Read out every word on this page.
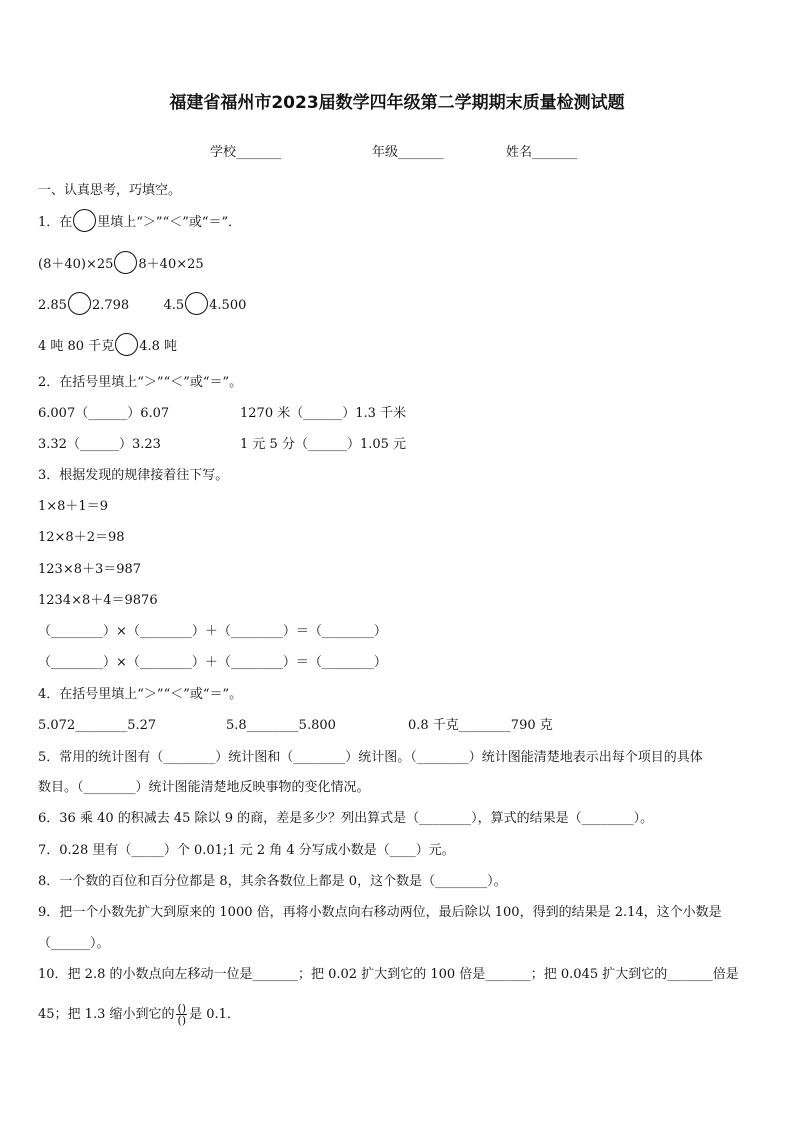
福建省福州市2023届数学四年级第二学期期末质量检测试题
学校_______	年级_______	姓名_______
一、认真思考，巧填空。
1．在 里填上“＞”“＜”或“＝”．
(8＋40)×25 8＋40×25
2.85 2.798	4.5 4.500
4 吨 80 千克 4.8 吨
2．在括号里填上“＞”“＜”或“＝”。
6.007（______）6.07	1270 米（______）1.3 千米
3.32（______）3.23	1 元 5 分（______）1.05 元
3．根据发现的规律接着往下写。
1×8＋1＝9
12×8＋2＝98
123×8＋3＝987
1234×8＋4＝9876
（________）×（________）＋（________）＝（________）
（________）×（________）＋（________）＝（________）
4．在括号里填上“＞”“＜”或“＝”。
5.072________5.27	5.8________5.800	0.8 千克________790 克
5．常用的统计图有（________）统计图和（________）统计图。（________）统计图能清楚地表示出每个项目的具体
数目。（________）统计图能清楚地反映事物的变化情况。
6．36 乘 40 的积减去 45 除以 9 的商，差是多少？列出算式是（________），算式的结果是（________）。
7．0.28 里有（_____）个 0.01;1 元 2 角 4 分写成小数是（____）元。
8．一个数的百位和百分位都是 8，其余各数位上都是 0，这个数是（________）。
9．把一个小数先扩大到原来的 1000 倍，再将小数点向右移动两位，最后除以 100，得到的结果是 2.14，这个小数是
（______）。
10．把 2.8 的小数点向左移动一位是_______；把 0.02 扩大到它的 100 倍是_______；把 0.045 扩大到它的_______倍是
45；把 1.3 缩小到它的 $\frac{()}{()}$ 是 0.1．
